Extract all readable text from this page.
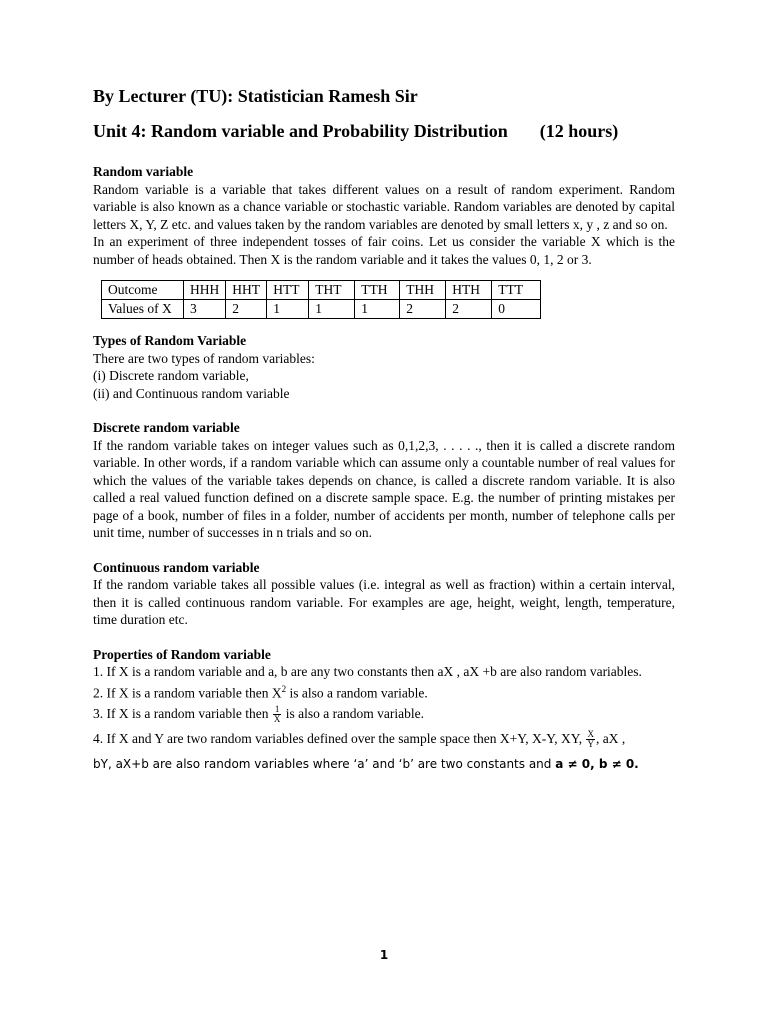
By Lecturer (TU): Statistician Ramesh Sir
Unit 4: Random variable and Probability Distribution (12 hours)
Random variable

Random variable is a variable that takes different values on a result of random experiment. Random variable is also known as a chance variable or stochastic variable. Random variables are denoted by capital letters X, Y, Z etc. and values taken by the random variables are denoted by small letters x, y , z and so on.

In an experiment of three independent tosses of fair coins. Let us consider the variable X which is the number of heads obtained. Then X is the random variable and it takes the values 0, 1, 2 or 3.

Outcome	HHH	HHT	HTT	THT	TTH	THH	HTH	TTT
Values of X	3	2	1	1	1	2	2	0
Types of Random Variable
There are two types of random variables:
(i) Discrete random variable,
(ii) and Continuous random variable
Discrete random variable

If the random variable takes on integer values such as 0,1,2,3, . . . . ., then it is called a discrete random variable. In other words, if a random variable which can assume only a countable number of real values for which the values of the variable takes depends on chance, is called a discrete random variable. It is also called a real valued function defined on a discrete sample space. E.g. the number of printing mistakes per page of a book, number of files in a folder, number of accidents per month, number of telephone calls per unit time, number of successes in n trials and so on.

Continuous random variable

If the random variable takes all possible values (i.e. integral as well as fraction) within a certain interval, then it is called continuous random variable. For examples are age, height, weight, length, temperature, time duration etc.

Properties of Random variable
1. If X is a random variable and a, b are any two constants then aX , aX +b are also random variables.
2. If X is a random variable then $X^2$ is also a random variable.
3. If X is a random variable then $\frac{1}{X}$ is also a random variable.
4. If X and Y are two random variables defined over the sample space then X+Y, X-Y, XY, $\frac{X}{Y}$ , aX ,
bY, aX+b are also random variables where ‘a’ and ‘b’ are two constants and a ≠ 0, b ≠ 0.
1
